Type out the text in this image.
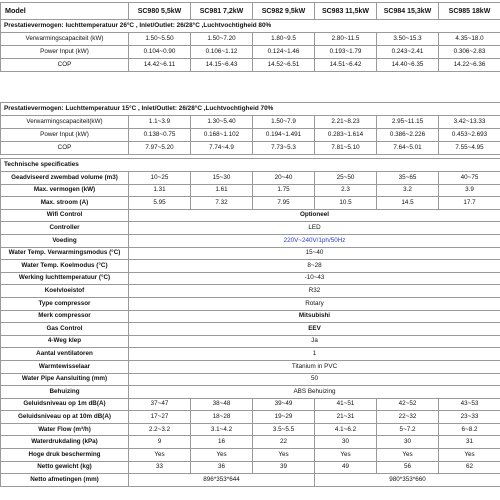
Model	SC980 5,5kW	SC981 7,2kW	SC982 9,5kW	SC983 11,5kW	SC984 15,3kW	SC985 18kW
Prestatievermogen: luchttemperatuur 26°C , Inlet/Outlet: 26/28°C ,Luchtvochtigheid 80%						
Verwarmingscapaciteit (kW)	1.50~5.50	1.50~7.20	1.80~9.5	2.80~11.5	3.50~15.3	4.35~18.0
Power Input (kW)	0.104~0.90	0.106~1.12	0.124~1.46	0.193~1.79	0.243~2.41	0.306~2.83
COP	14.42~6.11	14.15~6.43	14.52~6.51	14.51~6.42	14.40~6.35	14.22~6.36
Prestatievermogen: Luchttemperatuur 15°C , Inlet/Outlet: 26/28°C ,Luchtvochtigheid 70%						
Verwarmingscapaciteit(kW)	1.1~3.9	1.30~5.40	1.50~7.9	2.21~8.23	2.95~11.15	3.42~13.33
Power Input (kW)	0.138~0.75	0.168~1.102	0.194~1.491	0.283~1.614	0.386~2.226	0.453~2.693
COP	7.97~5.20	7.74~4.9	7.73~5.3	7.81~5.10	7.64~5.01	7.55~4.95
Technische specificaties						
Geadviseerd zwembad volume (m3)	10~25	15~30	20~40	25~50	35~65	40~75
Max. vermogen (kW)	1.31	1.61	1.75	2.3	3.2	3.9
Max. stroom (A)	5.95	7.32	7.95	10.5	14.5	17.7
Wifi Control	Optioneel					
Controller	LED					
Voeding	220V~240V/1ph/50Hz					
Water Temp. Verwarmingsmodus (°C)	15~40					
Water Temp. Koelmodus (°C)	8~28					
Werking luchttemperatuur (°C)	-10~43					
Koelvloeistof	R32					
Type compressor	Rotary					
Merk compressor	Mitsubishi					
Gas Control	EEV					
4-Weg klep	Ja					
Aantal ventilatoren	1					
Warmtewisselaar	Titanium in PVC					
Water Pipe Aansluiting (mm)	50					
Behuizing	ABS Behuizing					
Geluidsniveau op 1m dB(A)	37~47	38~48	39~49	41~51	42~52	43~53
Geluidsniveau op at 10m dB(A)	17~27	18~28	19~29	21~31	22~32	23~33
Water Flow (m³/h)	2.2~3.2	3.1~4.2	3.5~5.5	4.1~6.2	5~7.2	6~8.2
Waterdrukdaling (kPa)	9	16	22	30	30	31
Hoge druk bescherming	Yes	Yes	Yes	Yes	Yes	Yes
Netto gewicht (kg)	33	36	39	49	56	62
Netto afmetingen (mm)	896*353*644			980*353*660		
